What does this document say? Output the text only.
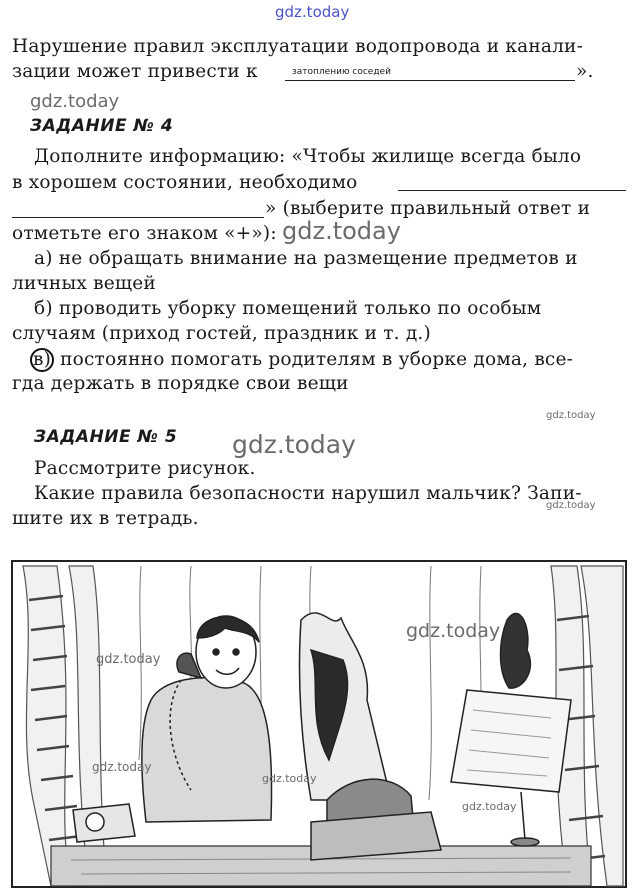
gdz.today
Нарушение правил эксплуатации водопровода и канали-
зации может привести к	затоплению соседей	».
gdz.today
ЗАДАНИЕ № 4
Дополните информацию: «Чтобы жилище всегда было
в хорошем состоянии, необходимо
» (выберите правильный ответ и
отметьте его знаком «+»): gdz.today
а) не обращать внимание на размещение предметов и
личных вещей
б) проводить уборку помещений только по особым
случаям (приход гостей, праздник и т. д.)
в) постоянно помогать родителям в уборке дома, все-
гда держать в порядке свои вещи
gdz.today
ЗАДАНИЕ № 5 gdz.today
Рассмотрите рисунок.
Какие правила безопасности нарушил мальчик? Запи-
gdz.today
шите их в тетрадь.
gdz.today
gdz.today
gdz.today
gdz.today
gdz.today
